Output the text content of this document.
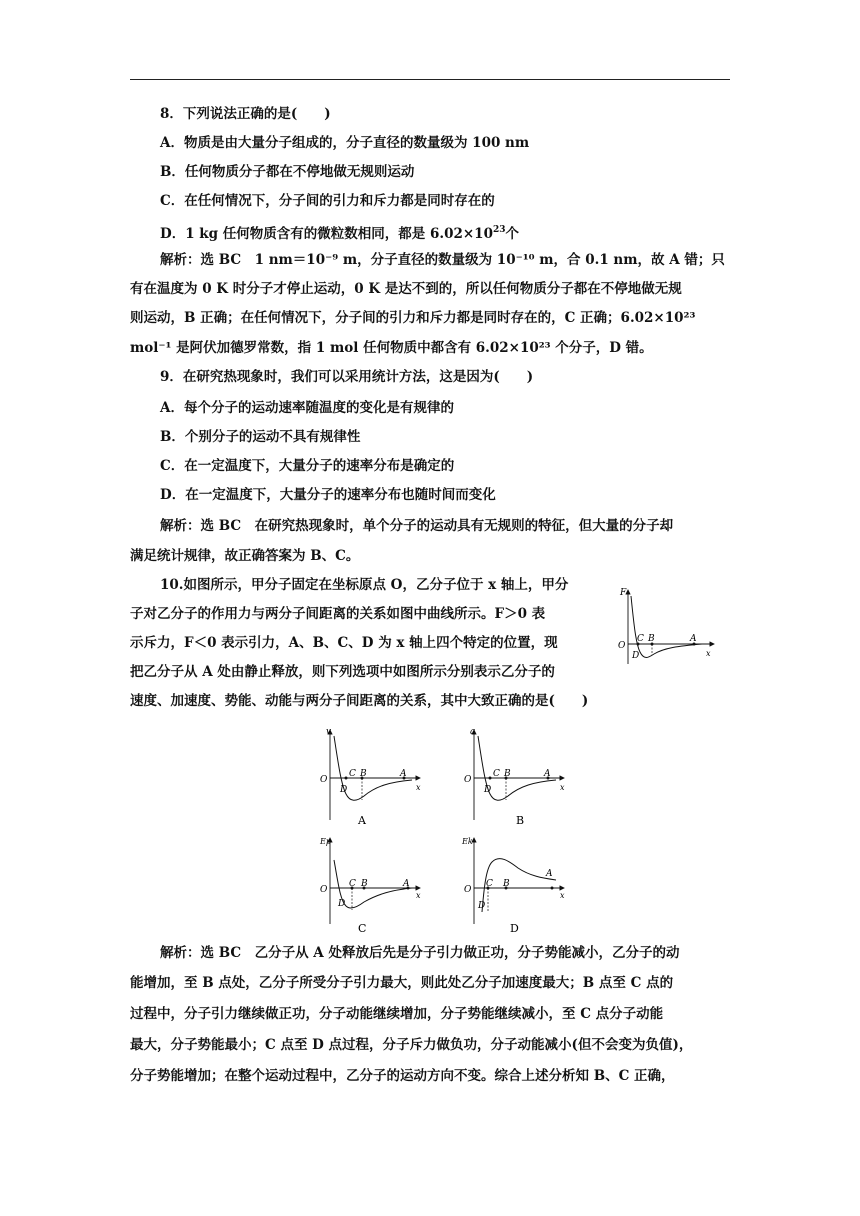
8．下列说法正确的是(　　)
A．物质是由大量分子组成的，分子直径的数量级为 100 nm
B．任何物质分子都在不停地做无规则运动
C．在任何情况下，分子间的引力和斥力都是同时存在的
D．1 kg 任何物质含有的微粒数相同，都是 $6.02\times 10^{23}$个
解析：选 BC　1 nm＝10⁻⁹ m，分子直径的数量级为 10⁻¹⁰ m，合 0.1 nm，故 A 错；只
有在温度为 0 K 时分子才停止运动，0 K 是达不到的，所以任何物质分子都在不停地做无规
则运动，B 正确；在任何情况下，分子间的引力和斥力都是同时存在的，C 正确；6.02×10²³
mol⁻¹ 是阿伏加德罗常数，指 1 mol 任何物质中都含有 6.02×10²³ 个分子，D 错。
9．在研究热现象时，我们可以采用统计方法，这是因为(　　)
A．每个分子的运动速率随温度的变化是有规律的
B．个别分子的运动不具有规律性
C．在一定温度下，大量分子的速率分布是确定的
D．在一定温度下，大量分子的速率分布也随时间而变化
解析：选 BC　在研究热现象时，单个分子的运动具有无规则的特征，但大量的分子却
满足统计规律，故正确答案为 B、C。
10.如图所示，甲分子固定在坐标原点 O，乙分子位于 x 轴上，甲分
子对乙分子的作用力与两分子间距离的关系如图中曲线所示。F＞0 表
示斥力，F＜0 表示引力，A、B、C、D 为 x 轴上四个特定的位置，现
把乙分子从 A 处由静止释放，则下列选项中如图所示分别表示乙分子的
速度、加速度、势能、动能与两分子间距离的关系，其中大致正确的是(　　)
F
O
C B	A
D	x
v
O
C B	A
D	x
A
a
O
C B	A
D	x
B
Ep
O
C B	A
D
x
C
Ek
O
C B
A
D
x
D
解析：选 BC　乙分子从 A 处释放后先是分子引力做正功，分子势能减小，乙分子的动
能增加，至 B 点处，乙分子所受分子引力最大，则此处乙分子加速度最大；B 点至 C 点的
过程中，分子引力继续做正功，分子动能继续增加，分子势能继续减小，至 C 点分子动能
最大，分子势能最小；C 点至 D 点过程，分子斥力做负功，分子动能减小(但不会变为负值)，
分子势能增加；在整个运动过程中，乙分子的运动方向不变。综合上述分析知 B、C 正确，
